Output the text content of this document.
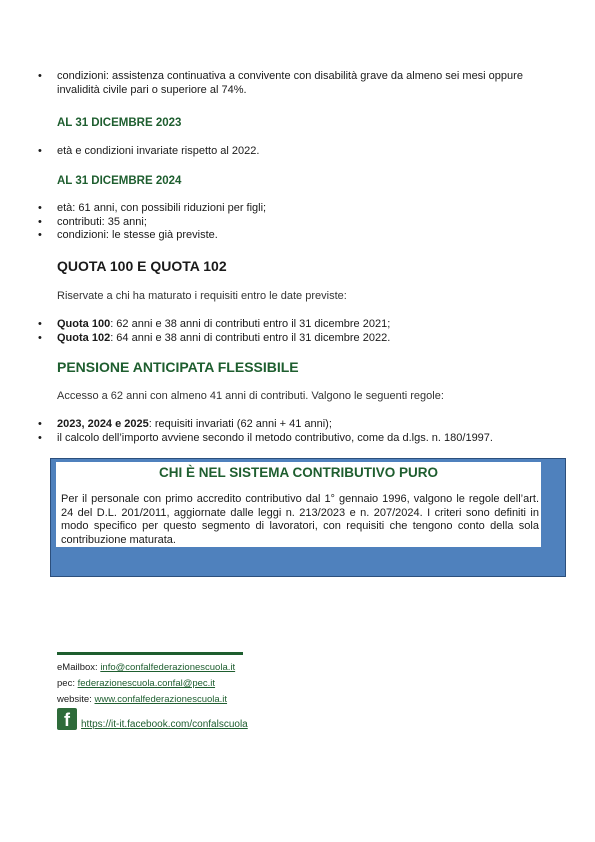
• condizioni: assistenza continuativa a convivente con disabilità grave da almeno sei mesi oppure invalidità civile pari o superiore al 74%.
AL 31 DICEMBRE 2023
• età e condizioni invariate rispetto al 2022.
AL 31 DICEMBRE 2024
• età: 61 anni, con possibili riduzioni per figli;
• contributi: 35 anni;
• condizioni: le stesse già previste.
QUOTA 100 E QUOTA 102
Riservate a chi ha maturato i requisiti entro le date previste:
• Quota 100: 62 anni e 38 anni di contributi entro il 31 dicembre 2021;
• Quota 102: 64 anni e 38 anni di contributi entro il 31 dicembre 2022.
PENSIONE ANTICIPATA FLESSIBILE
Accesso a 62 anni con almeno 41 anni di contributi. Valgono le seguenti regole:
• 2023, 2024 e 2025: requisiti invariati (62 anni + 41 anni);
• il calcolo dell’importo avviene secondo il metodo contributivo, come da d.lgs. n. 180/1997.
CHI È NEL SISTEMA CONTRIBUTIVO PURO
Per il personale con primo accredito contributivo dal 1° gennaio 1996, valgono le regole dell’art. 24 del D.L. 201/2011, aggiornate dalle leggi n. 213/2023 e n. 207/2024. I criteri sono definiti in modo specifico per questo segmento di lavoratori, con requisiti che tengono conto della sola contribuzione maturata.
eMailbox: info@confalfederazionescuola.it
pec: federazionescuola.confal@pec.it
website: www.confalfederazionescuola.it
f	https://it-it.facebook.com/confalscuola
